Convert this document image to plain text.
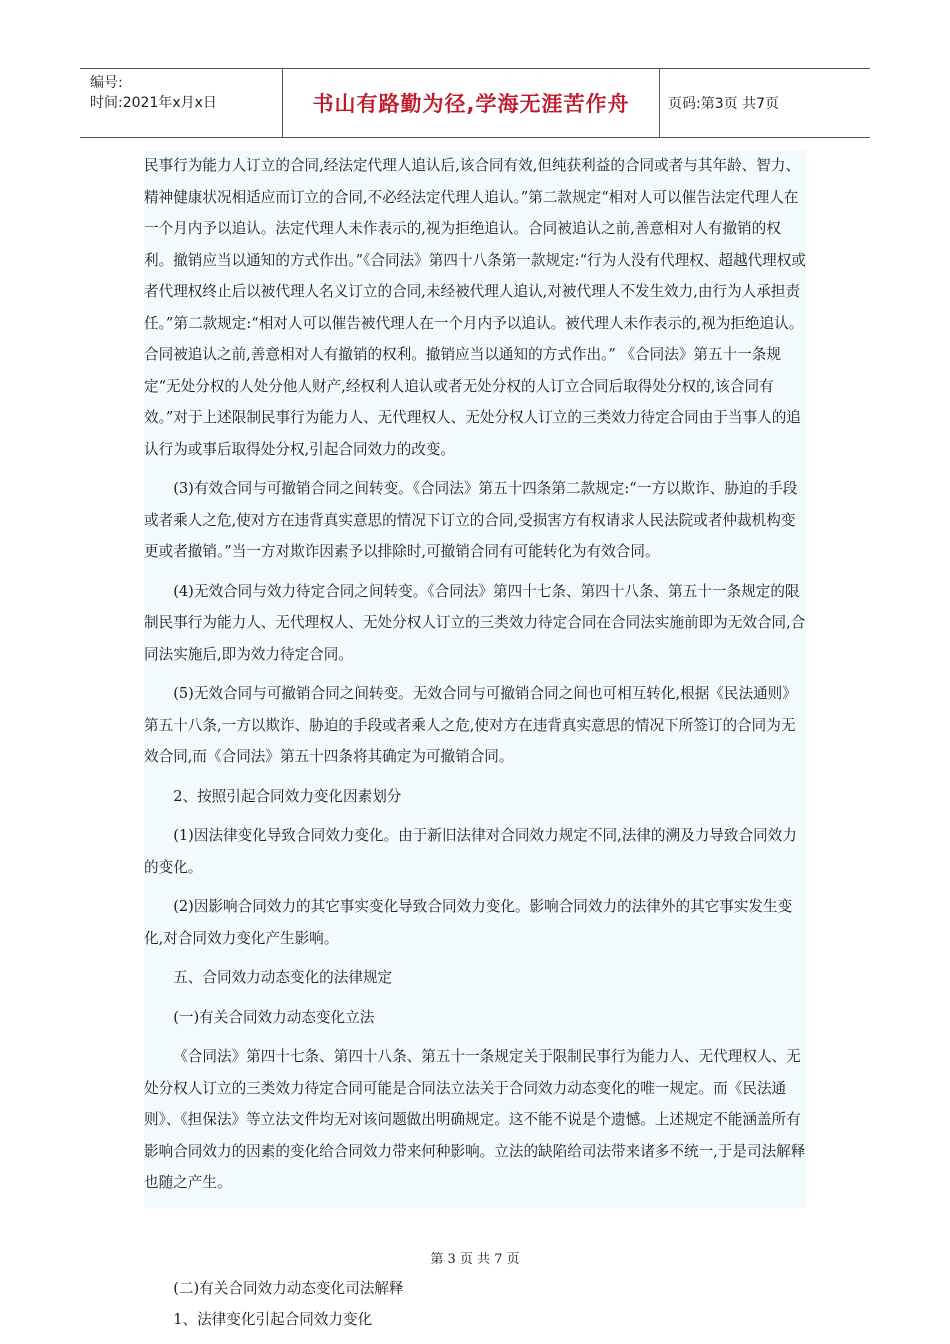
编号:
时间:2021年x月x日	书山有路勤为径,学海无涯苦作舟	页码:第3页 共7页

民事行为能力人订立的合同,经法定代理人追认后,该合同有效,但纯获利益的合同或者与其年龄、智力、精神健康状况相适应而订立的合同,不必经法定代理人追认。”第二款规定“相对人可以催告法定代理人在一个月内予以追认。法定代理人未作表示的,视为拒绝追认。合同被追认之前,善意相对人有撤销的权利。撤销应当以通知的方式作出。”《合同法》第四十八条第一款规定:“行为人没有代理权、超越代理权或者代理权终止后以被代理人名义订立的合同,未经被代理人追认,对被代理人不发生效力,由行为人承担责任。”第二款规定:“相对人可以催告被代理人在一个月内予以追认。被代理人未作表示的,视为拒绝追认。合同被追认之前,善意相对人有撤销的权利。撤销应当以通知的方式作出。” 《合同法》第五十一条规定“无处分权的人处分他人财产,经权利人追认或者无处分权的人订立合同后取得处分权的,该合同有效。”对于上述限制民事行为能力人、无代理权人、无处分权人订立的三类效力待定合同由于当事人的追认行为或事后取得处分权,引起合同效力的改变。

(3)有效合同与可撤销合同之间转变。《合同法》第五十四条第二款规定:“一方以欺诈、胁迫的手段或者乘人之危,使对方在违背真实意思的情况下订立的合同,受损害方有权请求人民法院或者仲裁机构变更或者撤销。”当一方对欺诈因素予以排除时,可撤销合同有可能转化为有效合同。

(4)无效合同与效力待定合同之间转变。《合同法》第四十七条、第四十八条、第五十一条规定的限制民事行为能力人、无代理权人、无处分权人订立的三类效力待定合同在合同法实施前即为无效合同,合同法实施后,即为效力待定合同。

(5)无效合同与可撤销合同之间转变。无效合同与可撤销合同之间也可相互转化,根据《民法通则》第五十八条,一方以欺诈、胁迫的手段或者乘人之危,使对方在违背真实意思的情况下所签订的合同为无效合同,而《合同法》第五十四条将其确定为可撤销合同。

2、按照引起合同效力变化因素划分

(1)因法律变化导致合同效力变化。由于新旧法律对合同效力规定不同,法律的溯及力导致合同效力的变化。

(2)因影响合同效力的其它事实变化导致合同效力变化。影响合同效力的法律外的其它事实发生变化,对合同效力变化产生影响。

五、合同效力动态变化的法律规定

(一)有关合同效力动态变化立法

《合同法》第四十七条、第四十八条、第五十一条规定关于限制民事行为能力人、无代理权人、无处分权人订立的三类效力待定合同可能是合同法立法关于合同效力动态变化的唯一规定。而《民法通则》、《担保法》等立法文件均无对该问题做出明确规定。这不能不说是个遗憾。上述规定不能涵盖所有影响合同效力的因素的变化给合同效力带来何种影响。立法的缺陷给司法带来诸多不统一,于是司法解释也随之产生。

(二)有关合同效力动态变化司法解释

1、法律变化引起合同效力变化

第 3 页 共 7 页
